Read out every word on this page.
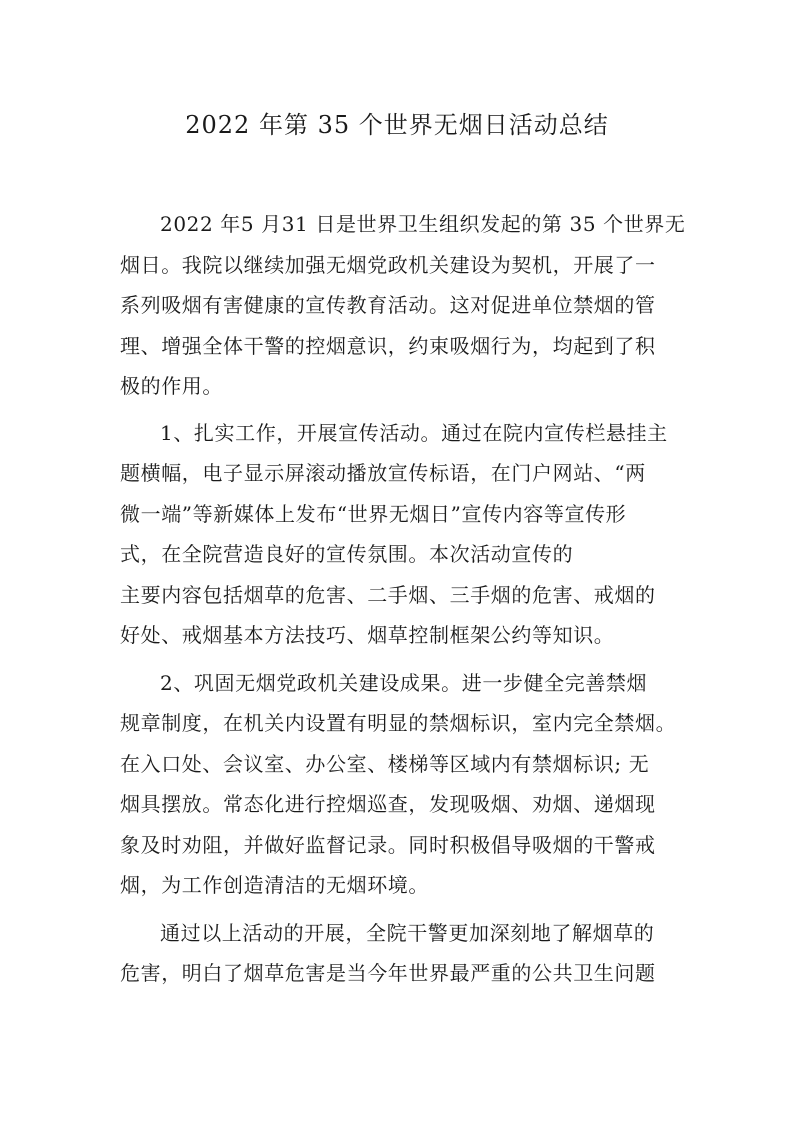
2022 年第 35 个世界无烟日活动总结
2022 年5 月31 日是世界卫生组织发起的第 35 个世界无
烟日。我院以继续加强无烟党政机关建设为契机，开展了一
系列吸烟有害健康的宣传教育活动。这对促进单位禁烟的管
理、增强全体干警的控烟意识，约束吸烟行为，均起到了积
极的作用。
1、扎实工作，开展宣传活动。通过在院内宣传栏悬挂主
题横幅，电子显示屏滚动播放宣传标语，在门户网站、“两
微一端”等新媒体上发布“世界无烟日”宣传内容等宣传形
式，在全院营造良好的宣传氛围。本次活动宣传的
主要内容包括烟草的危害、二手烟、三手烟的危害、戒烟的
好处、戒烟基本方法技巧、烟草控制框架公约等知识。
2、巩固无烟党政机关建设成果。进一步健全完善禁烟
规章制度，在机关内设置有明显的禁烟标识，室内完全禁烟。
在入口处、会议室、办公室、楼梯等区域内有禁烟标识; 无
烟具摆放。常态化进行控烟巡查，发现吸烟、劝烟、递烟现
象及时劝阻，并做好监督记录。同时积极倡导吸烟的干警戒
烟，为工作创造清洁的无烟环境。
通过以上活动的开展，全院干警更加深刻地了解烟草的
危害，明白了烟草危害是当今年世界最严重的公共卫生问题
